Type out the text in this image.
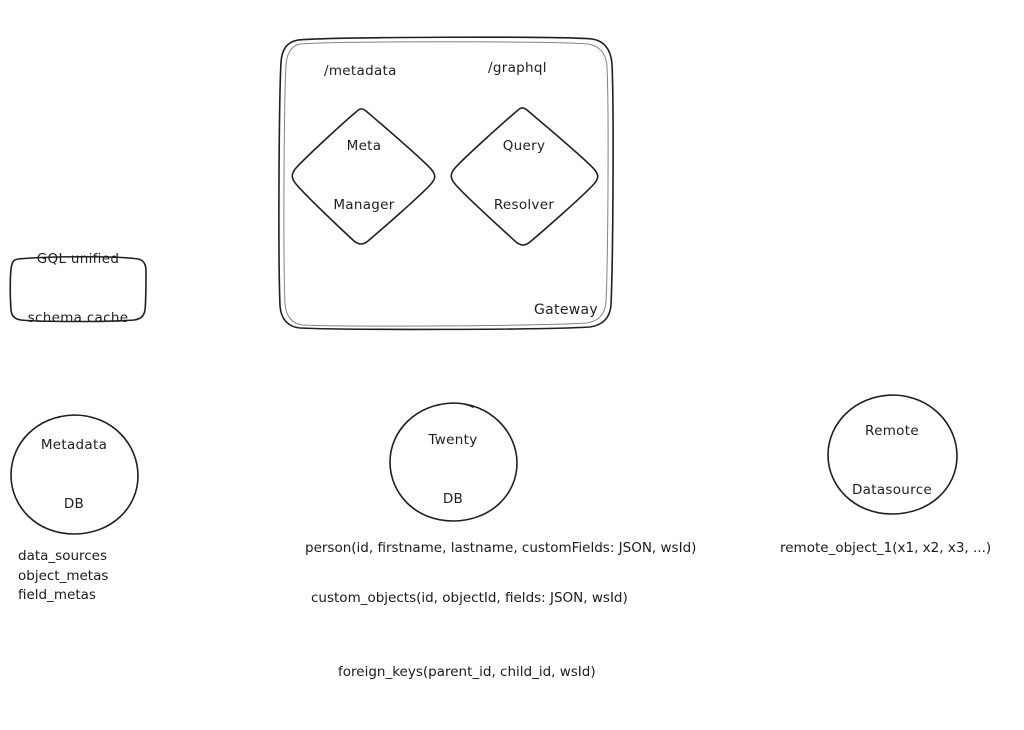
/metadata	/graphql

Meta

Manager

Query

Resolver

Gateway

GQL unified

schema cache

Metadata

DB

Twenty

DB

Remote

Datasource

data_sources
object_metas
field_metas
person(id, firstname, lastname, customFields: JSON, wsId)
custom_objects(id, objectId, fields: JSON, wsId)
foreign_keys(parent_id, child_id, wsId)
remote_object_1(x1, x2, x3, ...)
